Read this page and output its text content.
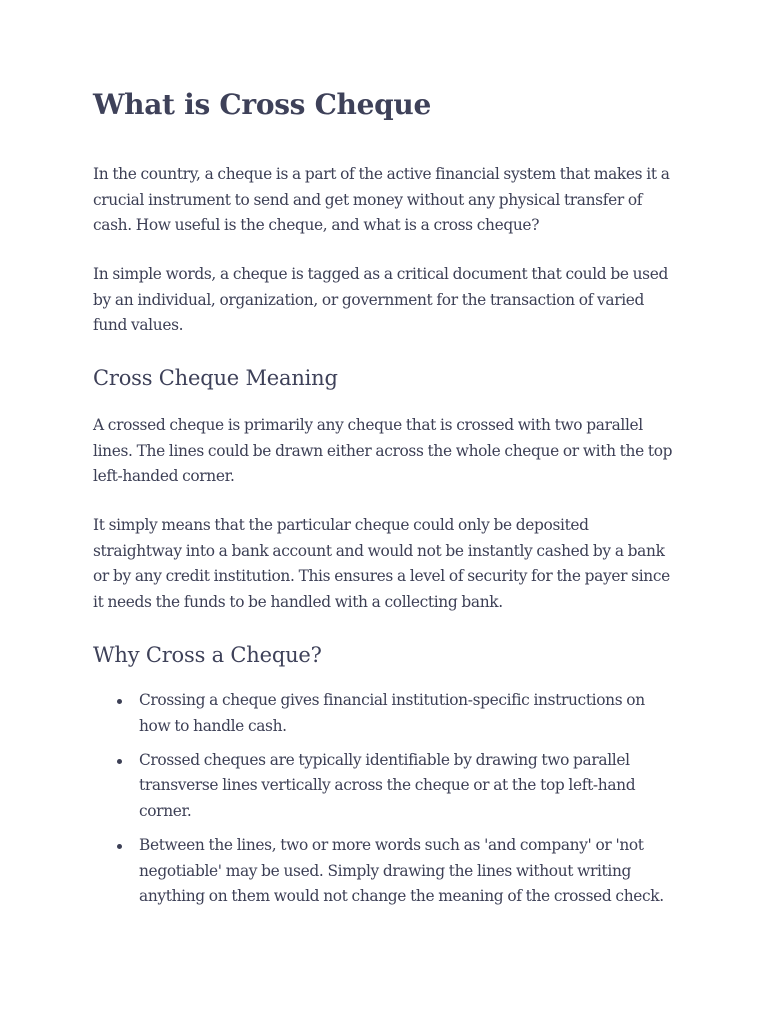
What is Cross Cheque

In the country, a cheque is a part of the active financial system that makes it a crucial instrument to send and get money without any physical transfer of cash. How useful is the cheque, and what is a cross cheque?

In simple words, a cheque is tagged as a critical document that could be used by an individual, organization, or government for the transaction of varied fund values.

Cross Cheque Meaning

A crossed cheque is primarily any cheque that is crossed with two parallel lines. The lines could be drawn either across the whole cheque or with the top left-handed corner.

It simply means that the particular cheque could only be deposited straightway into a bank account and would not be instantly cashed by a bank or by any credit institution. This ensures a level of security for the payer since it needs the funds to be handled with a collecting bank.

Why Cross a Cheque?
Crossing a cheque gives financial institution-specific instructions on how to handle cash.
Crossed cheques are typically identifiable by drawing two parallel transverse lines vertically across the cheque or at the top left-hand corner.
Between the lines, two or more words such as 'and company' or 'not negotiable' may be used. Simply drawing the lines without writing anything on them would not change the meaning of the crossed check.
